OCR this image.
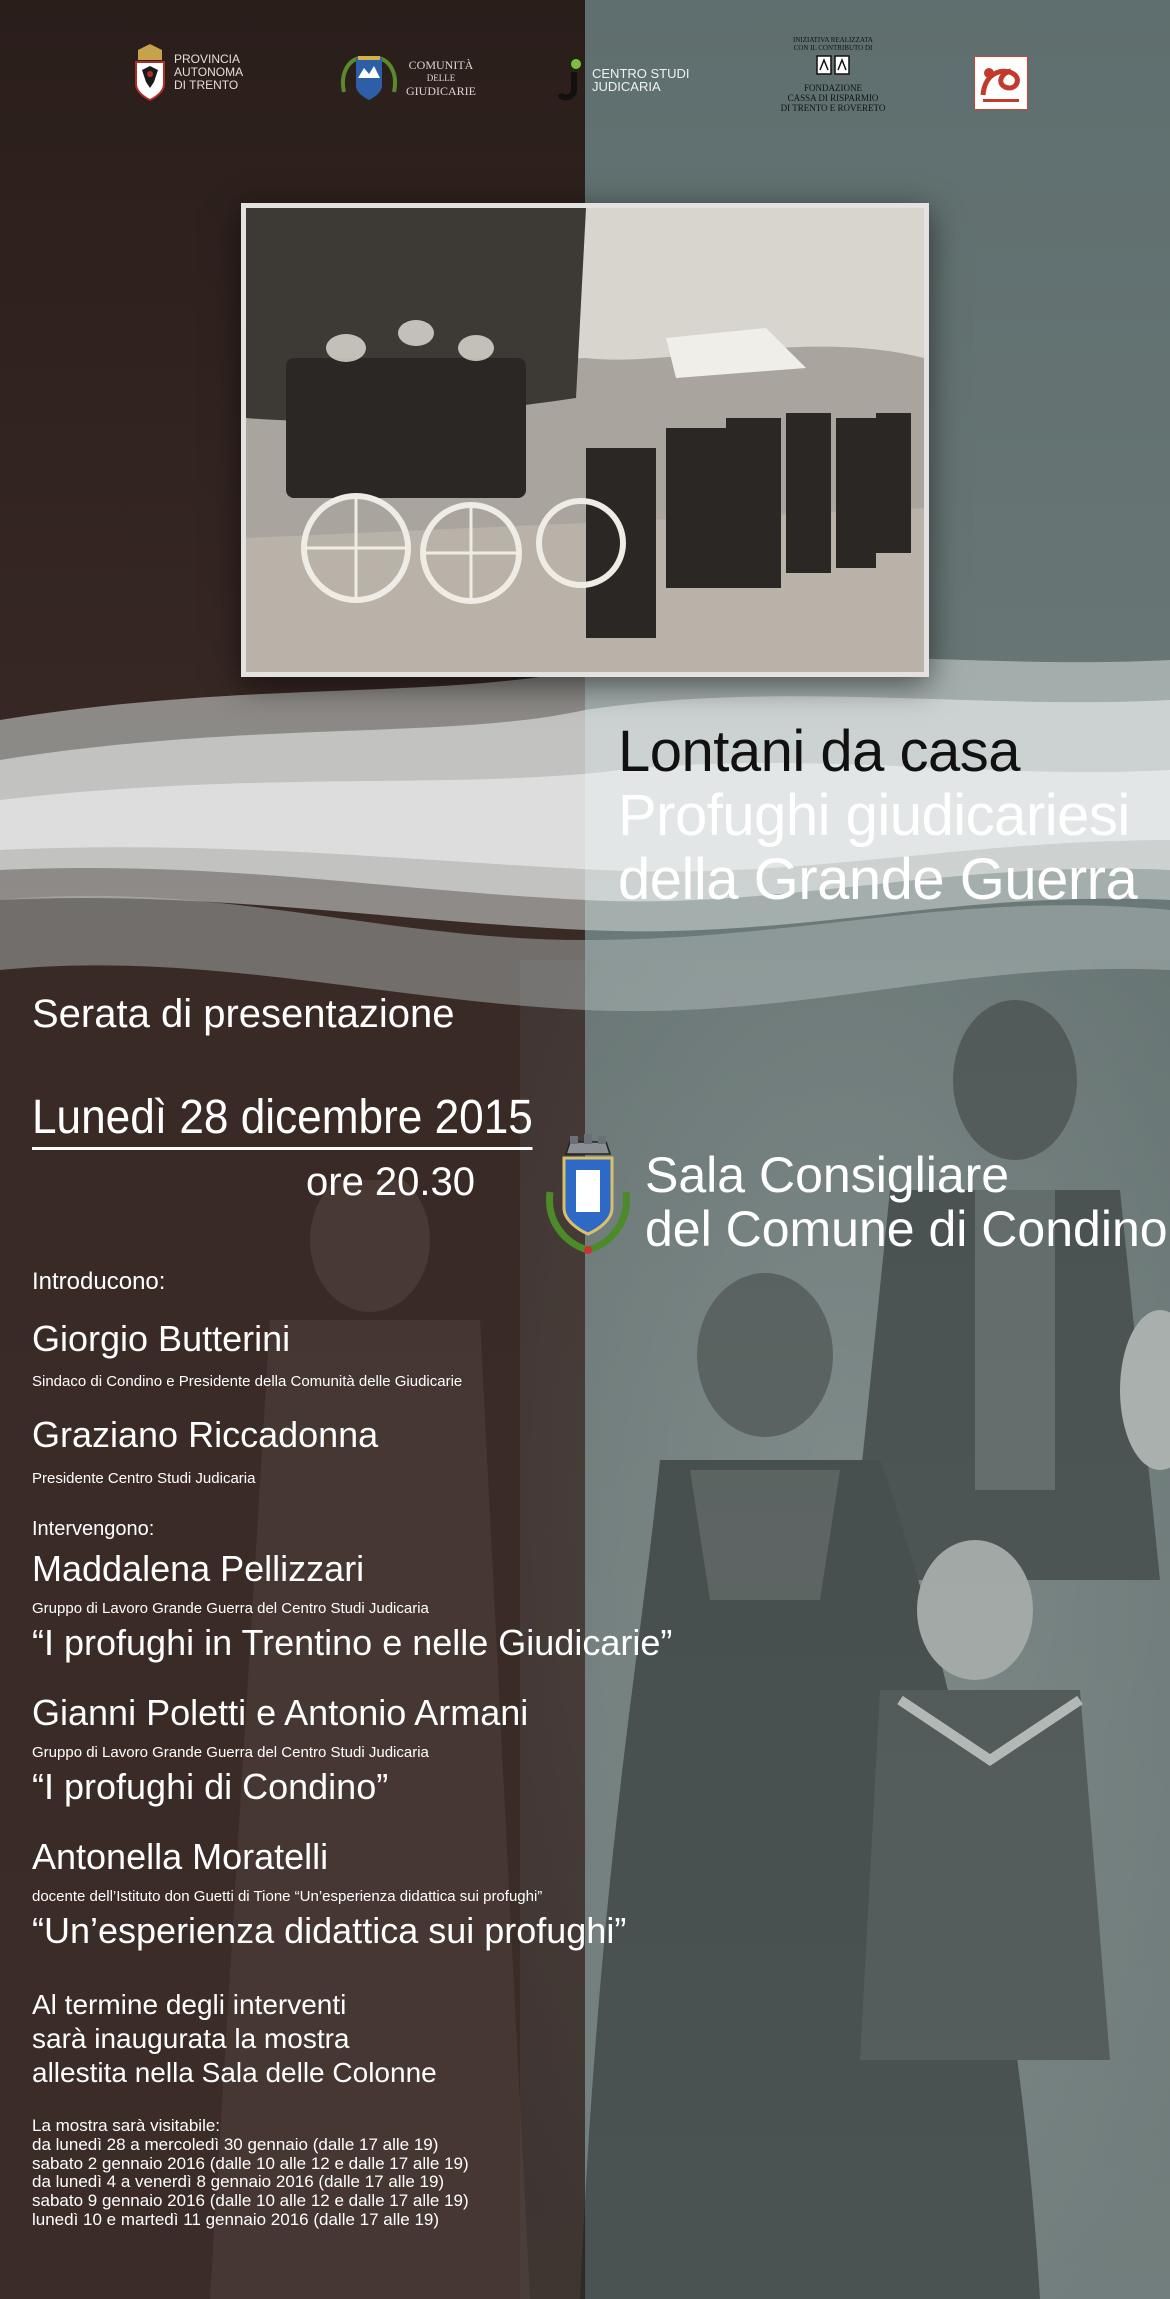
PROVINCIA
AUTONOMA
DI TRENTO
COMUNITÀ
DELLE
GIUDICARIE
CENTRO STUDI
JUDICARIA
INIZIATIVA REALIZZATA
CON IL CONTRIBUTO DI
FONDAZIONE
CASSA DI RISPARMIO
DI TRENTO E ROVERETO
Lontani da casa
Profughi giudicariesi
della Grande Guerra
Serata di presentazione
Lunedì 28 dicembre 2015
ore 20.30	Sala Consigliare
del Comune di Condino
Introducono:
Giorgio Butterini
Sindaco di Condino e Presidente della Comunità delle Giudicarie
Graziano Riccadonna
Presidente Centro Studi Judicaria
Intervengono:
Maddalena Pellizzari
Gruppo di Lavoro Grande Guerra del Centro Studi Judicaria
“I profughi in Trentino e nelle Giudicarie”
Gianni Poletti e Antonio Armani
Gruppo di Lavoro Grande Guerra del Centro Studi Judicaria
“I profughi di Condino”
Antonella Moratelli
docente dell’Istituto don Guetti di Tione “Un’esperienza didattica sui profughi”
“Un’esperienza didattica sui profughi”
Al termine degli interventi
sarà inaugurata la mostra
allestita nella Sala delle Colonne
La mostra sarà visitabile:
da lunedì 28 a mercoledì 30 gennaio (dalle 17 alle 19)
sabato 2 gennaio 2016 (dalle 10 alle 12 e dalle 17 alle 19)
da lunedì 4 a venerdì 8 gennaio 2016 (dalle 17 alle 19)
sabato 9 gennaio 2016 (dalle 10 alle 12 e dalle 17 alle 19)
lunedì 10 e martedì 11 gennaio 2016 (dalle 17 alle 19)
